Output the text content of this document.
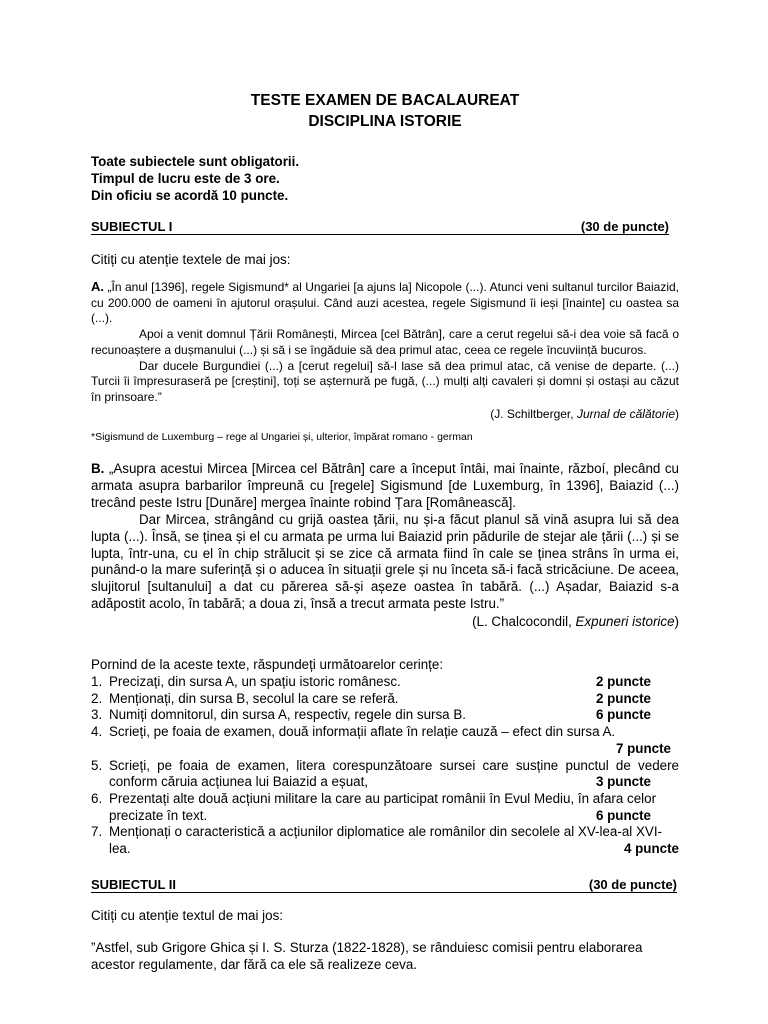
TESTE EXAMEN DE BACALAUREAT
DISCIPLINA ISTORIE
Toate subiectele sunt obligatorii.
Timpul de lucru este de 3 ore.
Din oficiu se acordă 10 puncte.
SUBIECTUL I	(30 de puncte)
Citiți cu atenție textele de mai jos:

A. „În anul [1396], regele Sigismund* al Ungariei [a ajuns la] Nicopole (...). Atunci veni sultanul turcilor Baiazid, cu 200.000 de oameni în ajutorul orașului. Când auzi acestea, regele Sigismund îi ieși [înainte] cu oastea sa (...).

Apoi a venit domnul Țării Românești, Mircea [cel Bătrân], care a cerut regelui să-i dea voie să facă o recunoaștere a dușmanului (...) și să i se îngăduie să dea primul atac, ceea ce regele încuviință bucuros.

Dar ducele Burgundiei (...) a [cerut regelui] să-l lase să dea primul atac, că venise de departe. (...) Turcii îi împresuraseră pe [creștini], toți se așternură pe fugă, (...) mulți alți cavaleri și domni și ostași au căzut în prinsoare.”

(J. Schiltberger, Jurnal de călătorie)

*Sigismund de Luxemburg – rege al Ungariei și, ulterior, împărat romano - german

B. „Asupra acestui Mircea [Mircea cel Bătrân] care a început întâi, mai înainte, războí, plecând cu armata asupra barbarilor împreună cu [regele] Sigismund [de Luxemburg, în 1396], Baiazid (...) trecând peste Istru [Dunăre] mergea înainte robind Țara [Românească].

Dar Mircea, strângând cu grijă oastea țării, nu și-a făcut planul să vină asupra lui să dea lupta (...). Însă, se ținea și el cu armata pe urma lui Baiazid prin pădurile de stejar ale țării (...) și se lupta, într-una, cu el în chip strălucit și se zice că armata fiind în cale se ținea strâns în urma ei, punând-o la mare suferință și o aducea în situații grele și nu înceta să-i facă stricăciune. De aceea, slujitorul [sultanului] a dat cu părerea să-și așeze oastea în tabără. (...) Așadar, Baiazid s-a adăpostit acolo, în tabără; a doua zi, însă a trecut armata peste Istru.”

(L. Chalcocondil, Expuneri istorice)

Pornind de la aceste texte, răspundeți următoarelor cerințe:
1. Precizați, din sursa A, un spațiu istoric românesc.	2 puncte
2. Menționați, din sursa B, secolul la care se referă.	2 puncte
3. Numiți domnitorul, din sursa A, respectiv, regele din sursa B.	6 puncte
4. Scrieți, pe foaia de examen, două informații aflate în relație cauză – efect din sursa A.
7 puncte
5. Scrieți, pe foaia de examen, litera corespunzătoare sursei care susține punctul de vedere conform căruia acțiunea lui Baiazid a eșuat,	3 puncte
6. Prezentați alte două acțiuni militare la care au participat românii în Evul Mediu, în afara celor precizate în text.	6 puncte
7. Menționați o caracteristică a acțiunilor diplomatice ale românilor din secolele al XV-lea-al XVI-lea.	4 puncte
SUBIECTUL II	(30 de puncte)
Citiți cu atenție textul de mai jos:
”Astfel, sub Grigore Ghica și I. S. Sturza (1822-1828), se rânduiesc comisii pentru elaborarea acestor regulamente, dar fără ca ele să realizeze ceva.
